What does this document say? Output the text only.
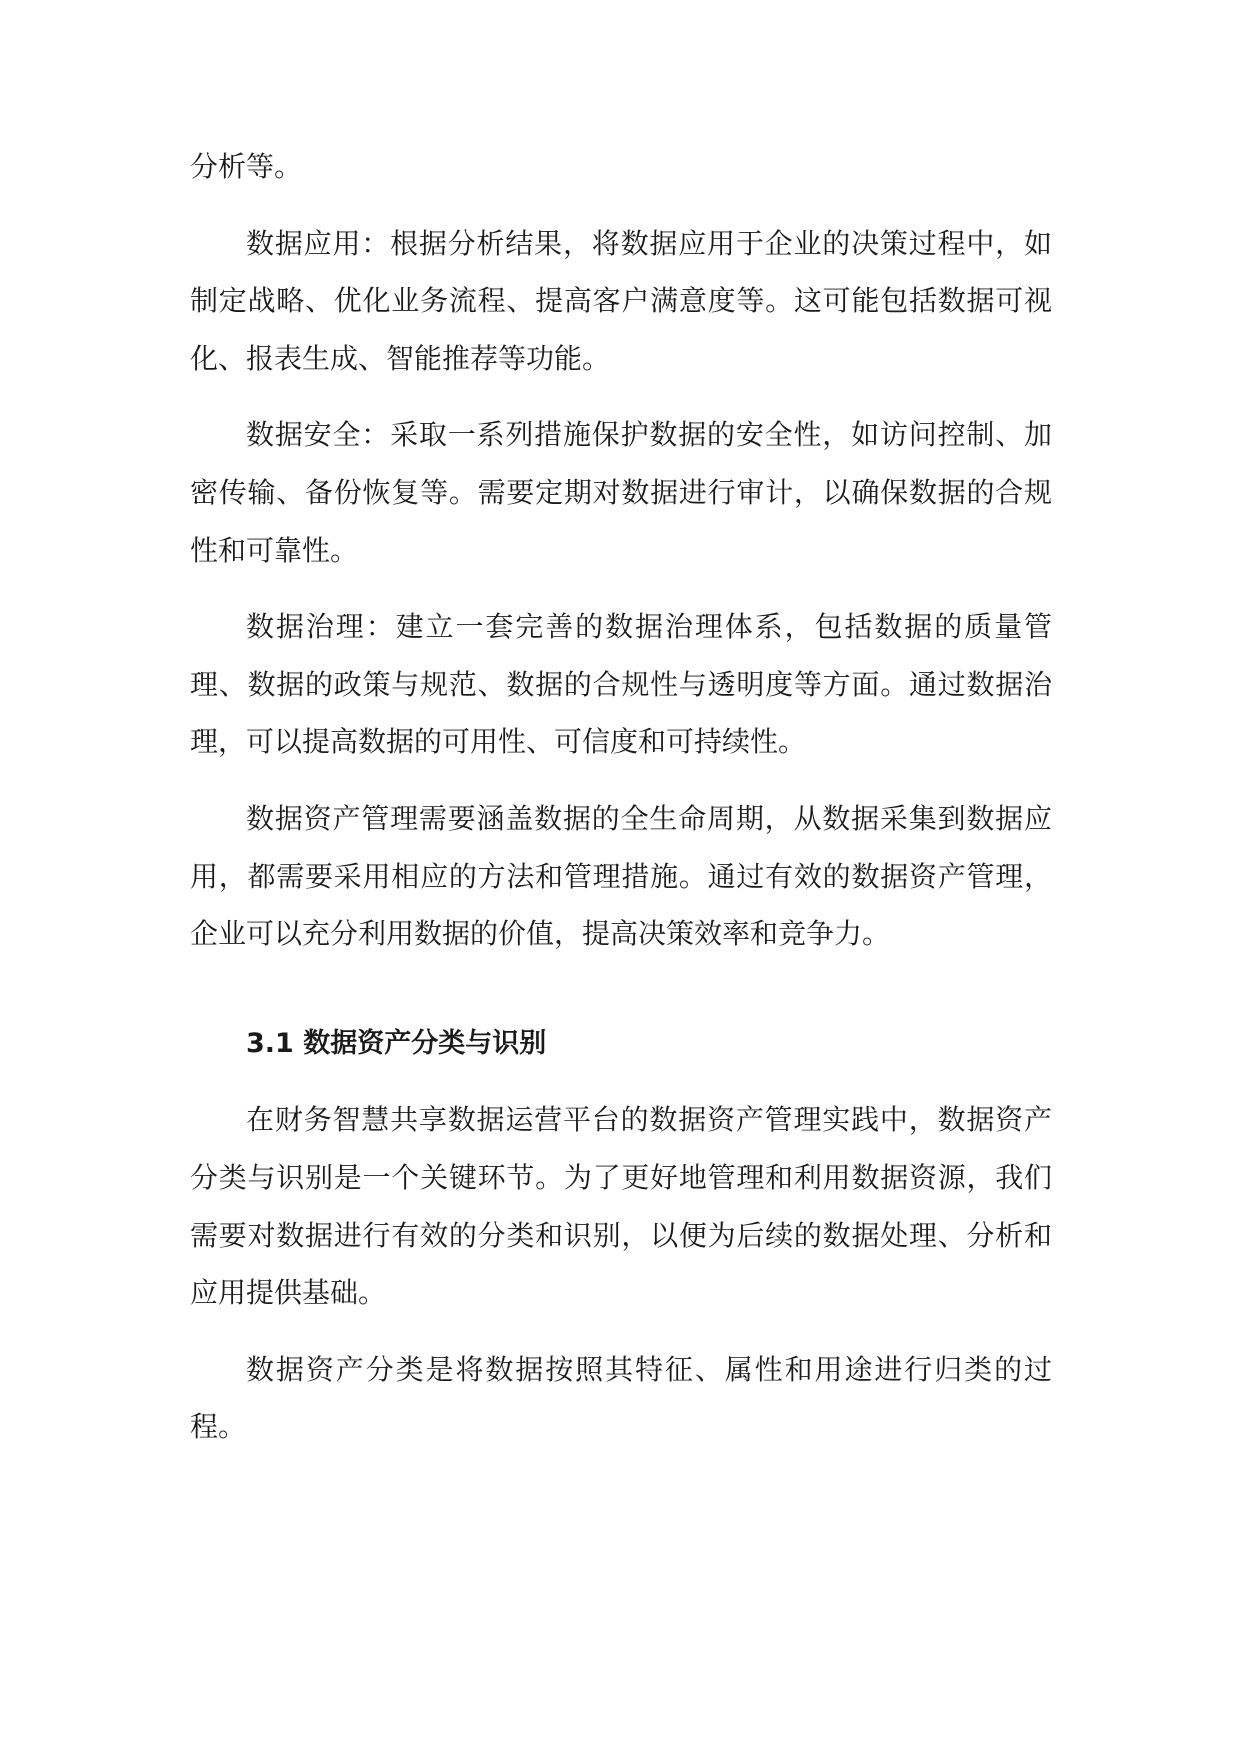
分析等。

数据应用：根据分析结果，将数据应用于企业的决策过程中，如制定战略、优化业务流程、提高客户满意度等。这可能包括数据可视化、报表生成、智能推荐等功能。

数据安全：采取一系列措施保护数据的安全性，如访问控制、加密传输、备份恢复等。需要定期对数据进行审计，以确保数据的合规性和可靠性。

数据治理：建立一套完善的数据治理体系，包括数据的质量管理、数据的政策与规范、数据的合规性与透明度等方面。通过数据治理，可以提高数据的可用性、可信度和可持续性。

数据资产管理需要涵盖数据的全生命周期，从数据采集到数据应用，都需要采用相应的方法和管理措施。通过有效的数据资产管理，企业可以充分利用数据的价值，提高决策效率和竞争力。

3.1 数据资产分类与识别

在财务智慧共享数据运营平台的数据资产管理实践中，数据资产分类与识别是一个关键环节。为了更好地管理和利用数据资源，我们需要对数据进行有效的分类和识别，以便为后续的数据处理、分析和应用提供基础。

数据资产分类是将数据按照其特征、属性和用途进行归类的过程。
